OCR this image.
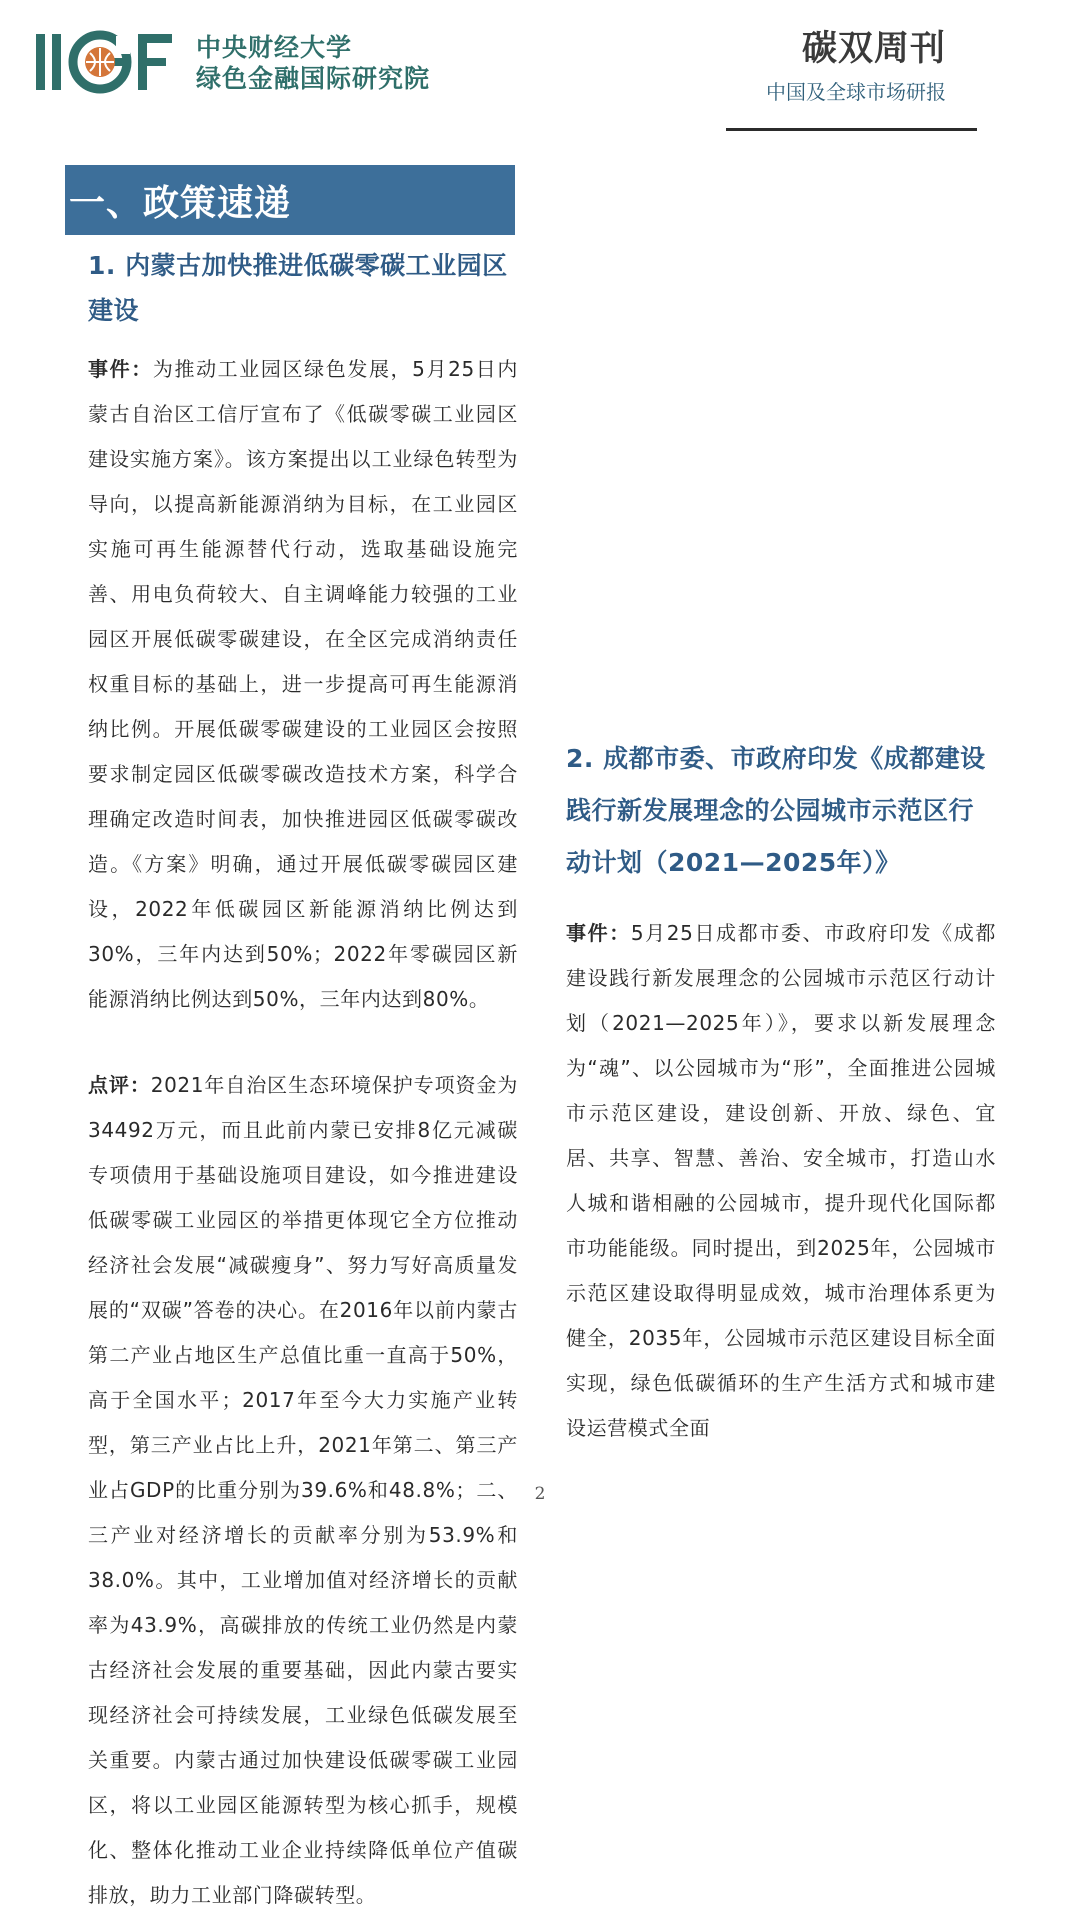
中央财经大学
绿色金融国际研究院
碳双周刊
中国及全球市场研报
一、政策速递
1. 内蒙古加快推进低碳零碳工业园区建设

事件：为推动工业园区绿色发展，5月25日内蒙古自治区工信厅宣布了《低碳零碳工业园区建设实施方案》。该方案提出以工业绿色转型为导向，以提高新能源消纳为目标，在工业园区实施可再生能源替代行动，选取基础设施完善、用电负荷较大、自主调峰能力较强的工业园区开展低碳零碳建设，在全区完成消纳责任权重目标的基础上，进一步提高可再生能源消纳比例。开展低碳零碳建设的工业园区会按照要求制定园区低碳零碳改造技术方案，科学合理确定改造时间表，加快推进园区低碳零碳改造。《方案》明确，通过开展低碳零碳园区建设，2022年低碳园区新能源消纳比例达到30%，三年内达到50%；2022年零碳园区新能源消纳比例达到50%，三年内达到80%。

2. 成都市委、市政府印发《成都建设践行新发展理念的公园城市示范区行动计划（2021—2025年）》

事件：5月25日成都市委、市政府印发《成都建设践行新发展理念的公园城市示范区行动计划（2021—2025年）》，要求以新发展理念为“魂”、以公园城市为“形”，全面推进公园城市示范区建设，建设创新、开放、绿色、宜居、共享、智慧、善治、安全城市，打造山水人城和谐相融的公园城市，提升现代化国际都市功能能级。同时提出，到2025年，公园城市示范区建设取得明显成效，城市治理体系更为健全，2035年，公园城市示范区建设目标全面实现，绿色低碳循环的生产生活方式和城市建设运营模式全面

点评：2021年自治区生态环境保护专项资金为34492万元，而且此前内蒙已安排8亿元减碳专项债用于基础设施项目建设，如今推进建设低碳零碳工业园区的举措更体现它全方位推动经济社会发展“减碳瘦身”、努力写好高质量发展的“双碳”答卷的决心。在2016年以前内蒙古第二产业占地区生产总值比重一直高于50%，高于全国水平；2017年至今大力实施产业转型，第三产业占比上升，2021年第二、第三产业占GDP的比重分别为39.6%和48.8%；二、三产业对经济增长的贡献率分别为53.9%和38.0%。其中，工业增加值对经济增长的贡献率为43.9%，高碳排放的传统工业仍然是内蒙古经济社会发展的重要基础，因此内蒙古要实现经济社会可持续发展，工业绿色低碳发展至关重要。内蒙古通过加快建设低碳零碳工业园区，将以工业园区能源转型为核心抓手，规模化、整体化推动工业企业持续降低单位产值碳排放，助力工业部门降碳转型。

2
